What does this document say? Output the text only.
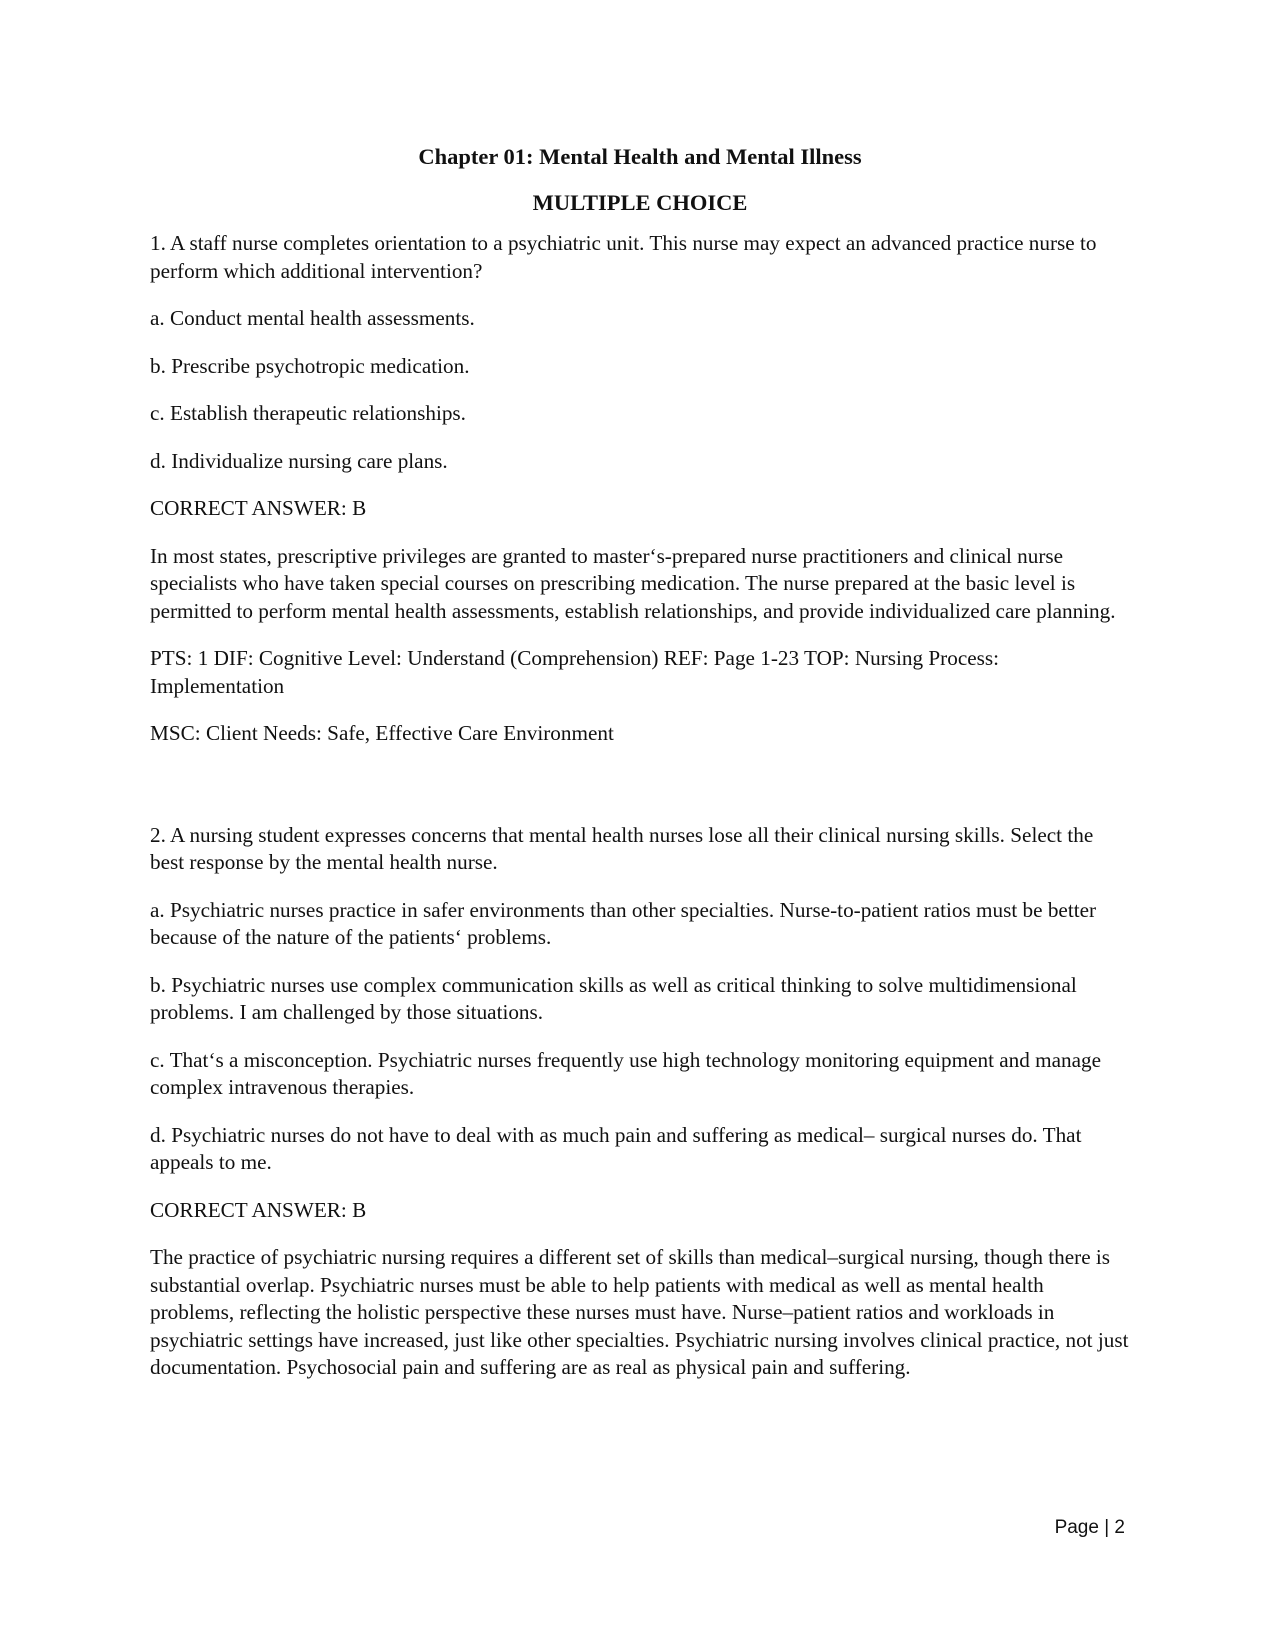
Chapter 01: Mental Health and Mental Illness
MULTIPLE CHOICE

1. A staff nurse completes orientation to a psychiatric unit. This nurse may expect an advanced practice nurse to perform which additional intervention?

a. Conduct mental health assessments.

b. Prescribe psychotropic medication.

c. Establish therapeutic relationships.

d. Individualize nursing care plans.

CORRECT ANSWER: B

In most states, prescriptive privileges are granted to master‘s-prepared nurse practitioners and clinical nurse specialists who have taken special courses on prescribing medication. The nurse prepared at the basic level is permitted to perform mental health assessments, establish relationships, and provide individualized care planning.

PTS: 1 DIF: Cognitive Level: Understand (Comprehension) REF: Page 1-23 TOP: Nursing Process: Implementation

MSC: Client Needs: Safe, Effective Care Environment

2. A nursing student expresses concerns that mental health nurses lose all their clinical nursing skills. Select the best response by the mental health nurse.

a. Psychiatric nurses practice in safer environments than other specialties. Nurse-to-patient ratios must be better because of the nature of the patients‘ problems.

b. Psychiatric nurses use complex communication skills as well as critical thinking to solve multidimensional problems. I am challenged by those situations.

c. That‘s a misconception. Psychiatric nurses frequently use high technology monitoring equipment and manage complex intravenous therapies.

d. Psychiatric nurses do not have to deal with as much pain and suffering as medical– surgical nurses do. That appeals to me.

CORRECT ANSWER: B

The practice of psychiatric nursing requires a different set of skills than medical–surgical nursing, though there is substantial overlap. Psychiatric nurses must be able to help patients with medical as well as mental health problems, reflecting the holistic perspective these nurses must have. Nurse–patient ratios and workloads in psychiatric settings have increased, just like other specialties. Psychiatric nursing involves clinical practice, not just documentation. Psychosocial pain and suffering are as real as physical pain and suffering.

Page | 2
